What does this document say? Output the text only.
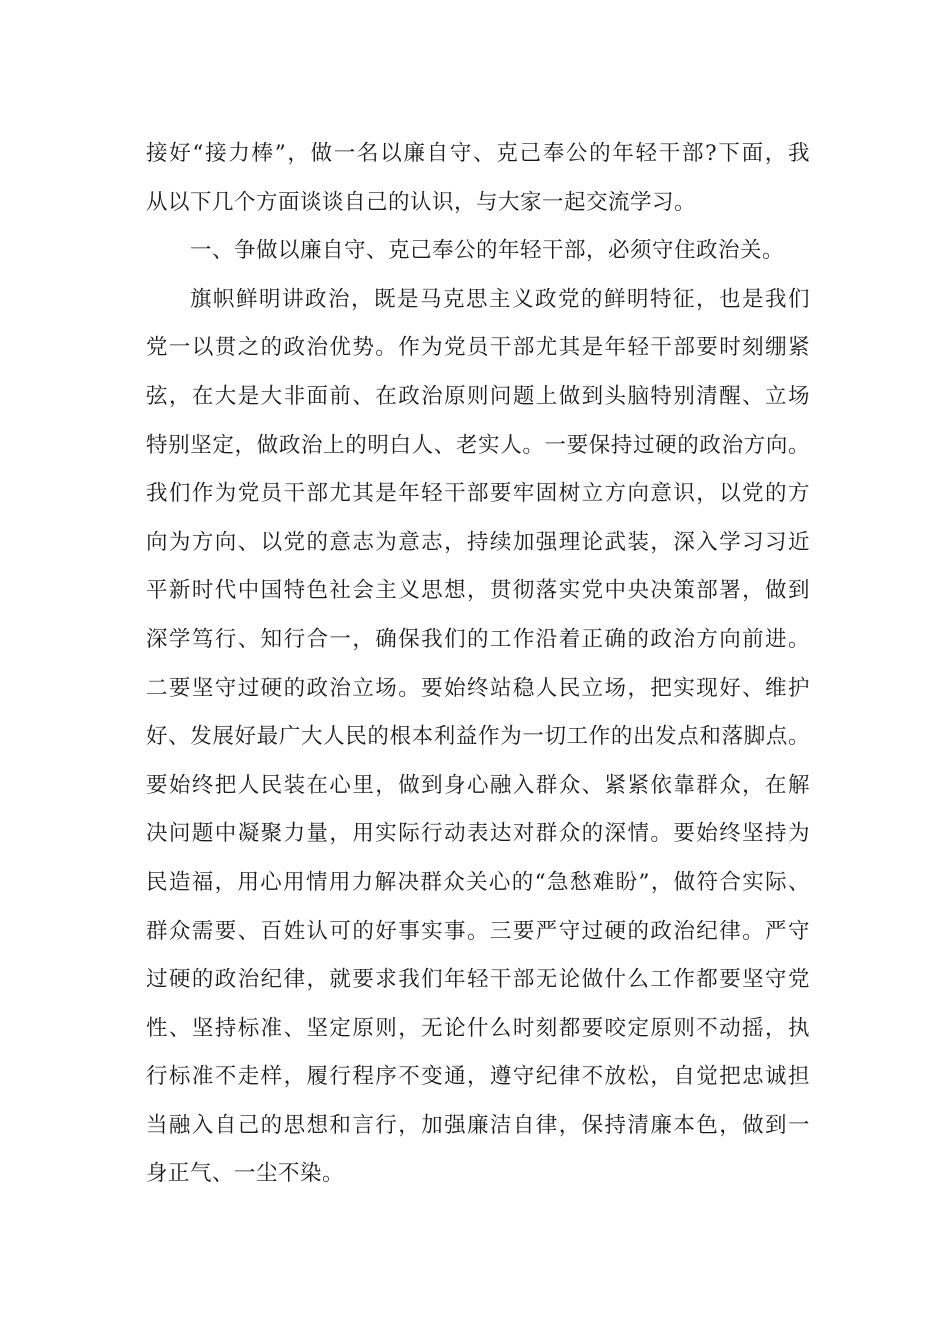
接好“接力棒”，做一名以廉自守、克己奉公的年轻干部?下面，我
从以下几个方面谈谈自己的认识，与大家一起交流学习。
一、争做以廉自守、克己奉公的年轻干部，必须守住政治关。
旗帜鲜明讲政治，既是马克思主义政党的鲜明特征，也是我们
党一以贯之的政治优势。作为党员干部尤其是年轻干部要时刻绷紧
弦，在大是大非面前、在政治原则问题上做到头脑特别清醒、立场
特别坚定，做政治上的明白人、老实人。一要保持过硬的政治方向。
我们作为党员干部尤其是年轻干部要牢固树立方向意识，以党的方
向为方向、以党的意志为意志，持续加强理论武装，深入学习习近
平新时代中国特色社会主义思想，贯彻落实党中央决策部署，做到
深学笃行、知行合一，确保我们的工作沿着正确的政治方向前进。
二要坚守过硬的政治立场。要始终站稳人民立场，把实现好、维护
好、发展好最广大人民的根本利益作为一切工作的出发点和落脚点。
要始终把人民装在心里，做到身心融入群众、紧紧依靠群众，在解
决问题中凝聚力量，用实际行动表达对群众的深情。要始终坚持为
民造福，用心用情用力解决群众关心的“急愁难盼”，做符合实际、
群众需要、百姓认可的好事实事。三要严守过硬的政治纪律。严守
过硬的政治纪律，就要求我们年轻干部无论做什么工作都要坚守党
性、坚持标准、坚定原则，无论什么时刻都要咬定原则不动摇，执
行标准不走样，履行程序不变通，遵守纪律不放松，自觉把忠诚担
当融入自己的思想和言行，加强廉洁自律，保持清廉本色，做到一
身正气、一尘不染。
